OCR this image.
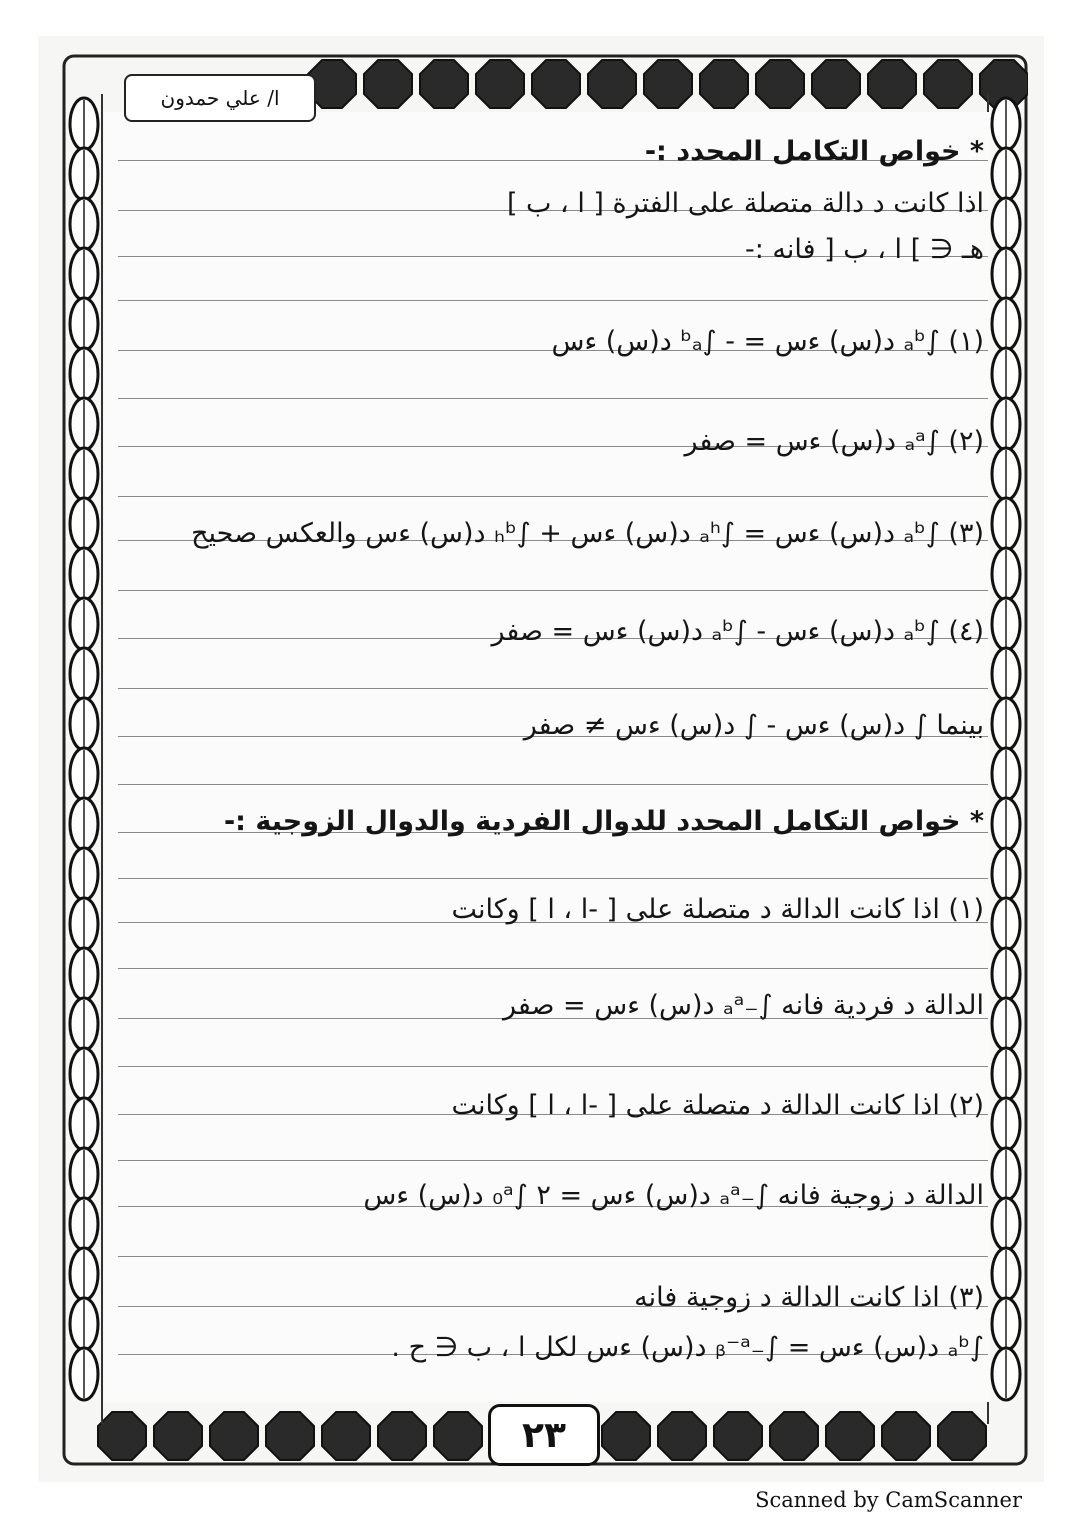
ا/ علي حمدون
* خواص التكامل المحدد :-
اذا كانت د دالة متصلة على الفترة [ ا ، ب ]
هـ ∈ ] ا ، ب [ فانه :-
(١) ∫ₐᵇ د(س) ءس = - ∫ᵇₐ د(س) ءس
(٢) ∫ₐᵃ د(س) ءس = صفر
(٣) ∫ₐᵇ د(س) ءس = ∫ₐʰ د(س) ءس + ∫ₕᵇ د(س) ءس والعكس صحيح
(٤) ∫ₐᵇ د(س) ءس - ∫ₐᵇ د(س) ءس = صفر
بينما ∫ د(س) ءس - ∫ د(س) ءس ≠ صفر
* خواص التكامل المحدد للدوال الفردية والدوال الزوجية :-
(١) اذا كانت الدالة د متصلة على [ -ا ، ا ] وكانت
الدالة د فردية فانه ∫₋ₐᵃ د(س) ءس = صفر
(٢) اذا كانت الدالة د متصلة على [ -ا ، ا ] وكانت
الدالة د زوجية فانه ∫₋ₐᵃ د(س) ءس = ٢ ∫₀ᵃ د(س) ءس
(٣) اذا كانت الدالة د زوجية فانه
∫ₐᵇ د(س) ءس = ∫₋ᵦ⁻ᵃ د(س) ءس لكل ا ، ب ∈ ح .
٢٣
Scanned by CamScanner
